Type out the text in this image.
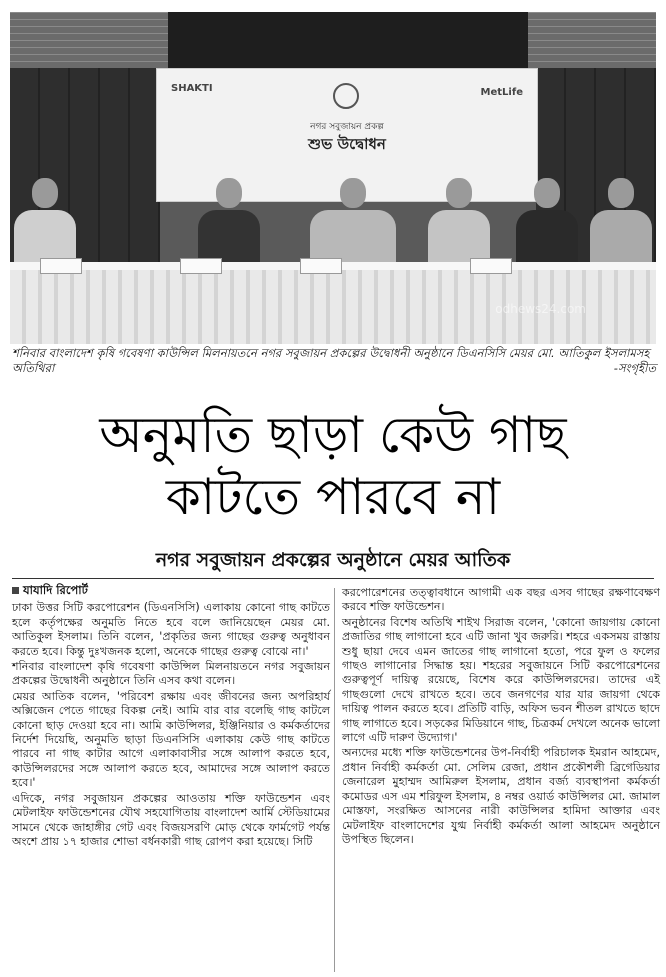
SHAKTI	MetLife
নগর সবুজায়ন প্রকল্প
শুভ উদ্বোধন
odhews24.com
শনিবার বাংলাদেশ কৃষি গবেষণা কাউন্সিল মিলনায়তনে নগর সবুজায়ন প্রকল্পের উদ্বোধনী অনুষ্ঠানে ডিএনসিসি মেয়র মো. আতিকুল ইসলামসহ অতিথিরা	-সংগৃহীত
অনুমতি ছাড়া কেউ গাছ
কাটতে পারবে না
নগর সবুজায়ন প্রকল্পের অনুষ্ঠানে মেয়র আতিক

যাযাদি রিপোর্ট

ঢাকা উত্তর সিটি করপোরেশন (ডিএনসিসি) এলাকায় কোনো গাছ কাটতে হলে কর্তৃপক্ষের অনুমতি নিতে হবে বলে জানিয়েছেন মেয়র মো. আতিকুল ইসলাম। তিনি বলেন, 'প্রকৃতির জন্য গাছের গুরুত্ব অনুধাবন করতে হবে। কিন্তু দুঃখজনক হলো, অনেকে গাছের গুরুত্ব বোঝে না।'

শনিবার বাংলাদেশ কৃষি গবেষণা কাউন্সিল মিলনায়তনে নগর সবুজায়ন প্রকল্পের উদ্বোধনী অনুষ্ঠানে তিনি এসব কথা বলেন।

মেয়র আতিক বলেন, 'পরিবেশ রক্ষায় এবং জীবনের জন্য অপরিহার্য অক্সিজেন পেতে গাছের বিকল্প নেই। আমি বার বার বলেছি গাছ কাটলে কোনো ছাড় দেওয়া হবে না। আমি কাউন্সিলর, ইঞ্জিনিয়ার ও কর্মকর্তাদের নির্দেশ দিয়েছি, অনুমতি ছাড়া ডিএনসিসি এলাকায় কেউ গাছ কাটতে পারবে না গাছ কাটার আগে এলাকাবাসীর সঙ্গে আলাপ করতে হবে, কাউন্সিলরদের সঙ্গে আলাপ করতে হবে, আমাদের সঙ্গে আলাপ করতে হবে।'

এদিকে, নগর সবুজায়ন প্রকল্পের আওতায় শক্তি ফাউন্ডেশন এবং মেটলাইফ ফাউন্ডেশনের যৌথ সহযোগিতায় বাংলাদেশ আর্মি স্টেডিয়ামের সামনে থেকে জাহাঙ্গীর গেট এবং বিজয়সরণি মোড় থেকে ফার্মগেট পর্যন্ত অংশে প্রায় ১৭ হাজার শোভা বর্ধনকারী গাছ রোপণ করা হয়েছে। সিটি

করপোরেশনের তত্ত্বাবধানে আগামী এক বছর এসব গাছের রক্ষণাবেক্ষণ করবে শক্তি ফাউন্ডেশন।

অনুষ্ঠানের বিশেষ অতিথি শাইখ সিরাজ বলেন, 'কোনো জায়গায় কোনো প্রজাতির গাছ লাগানো হবে এটি জানা খুব জরুরি। শহরে একসময় রাস্তায় শুধু ছায়া দেবে এমন জাতের গাছ লাগানো হতো, পরে ফুল ও ফলের গাছও লাগানোর সিদ্ধান্ত হয়। শহরের সবুজায়নে সিটি করপোরেশনের গুরুত্বপূর্ণ দায়িত্ব রয়েছে, বিশেষ করে কাউন্সিলরদের। তাদের এই গাছগুলো দেখে রাখতে হবে। তবে জনগণের যার যার জায়গা থেকে দায়িত্ব পালন করতে হবে। প্রতিটি বাড়ি, অফিস ভবন শীতল রাখতে ছাদে গাছ লাগাতে হবে। সড়কের মিডিয়ানে গাছ, চিত্রকর্ম দেখলে অনেক ভালো লাগে এটি দারুণ উদ্যোগ।'

অন্যদের মধ্যে শক্তি ফাউন্ডেশনের উপ-নির্বাহী পরিচালক ইমরান আহমেদ, প্রধান নির্বাহী কর্মকর্তা মো. সেলিম রেজা, প্রধান প্রকৌশলী ব্রিগেডিয়ার জেনারেল মুহাম্মদ আমিরুল ইসলাম, প্রধান বর্জ্য ব্যবস্থাপনা কর্মকর্তা কমোডর এস এম শরিফুল ইসলাম, ৪ নম্বর ওয়ার্ড কাউন্সিলর মো. জামাল মোস্তফা, সংরক্ষিত আসনের নারী কাউন্সিলর হামিদা আক্তার এবং মেটলাইফ বাংলাদেশের যুগ্ম নির্বাহী কর্মকর্তা আলা আহমেদ অনুষ্ঠানে উপস্থিত ছিলেন।
